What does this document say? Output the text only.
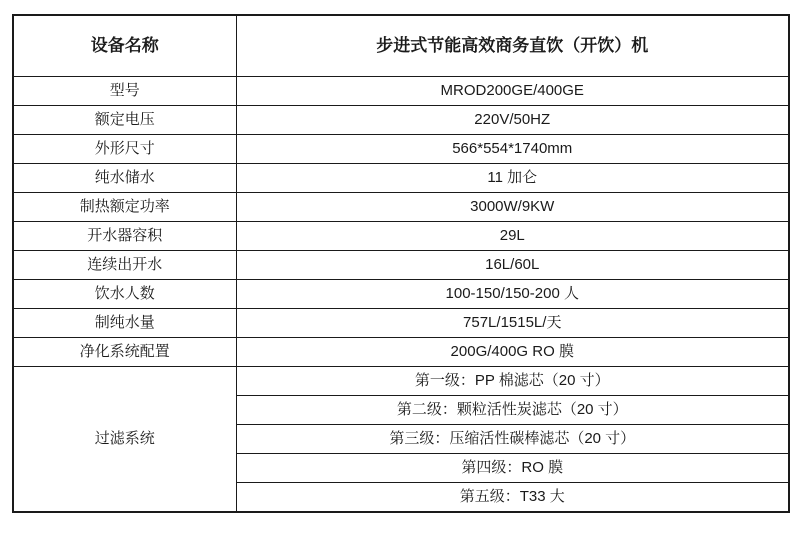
设备名称	步进式节能高效商务直饮（开饮）机
型号	MROD200GE/400GE
额定电压	220V/50HZ
外形尺寸	566*554*1740mm
纯水储水	11 加仑
制热额定功率	3000W/9KW
开水器容积	29L
连续出开水	16L/60L
饮水人数	100-150/150-200 人
制纯水量	757L/1515L/天
净化系统配置	200G/400G RO 膜
过滤系统	第一级：PP 棉滤芯（20 寸）
	第二级：颗粒活性炭滤芯（20 寸）
	第三级：压缩活性碳棒滤芯（20 寸）
	第四级：RO 膜
	第五级：T33 大
